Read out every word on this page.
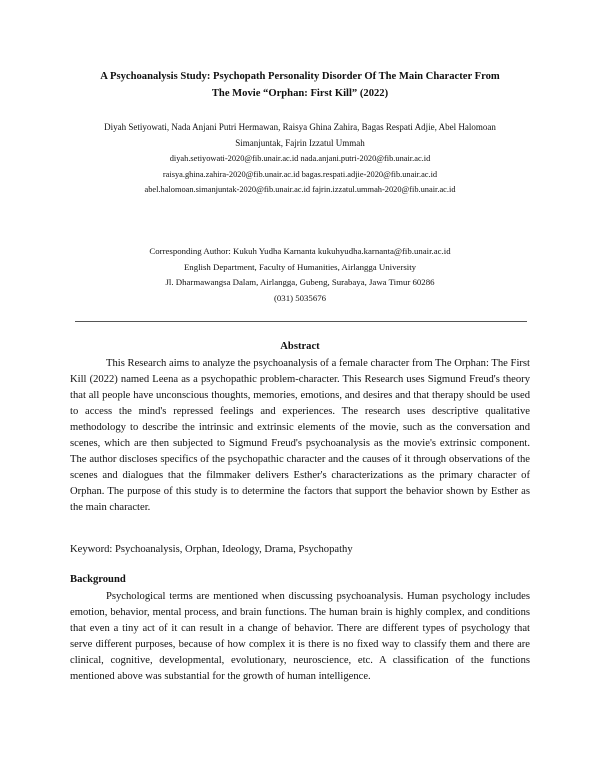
A Psychoanalysis Study: Psychopath Personality Disorder Of The Main Character From
The Movie “Orphan: First Kill” (2022)
Diyah Setiyowati, Nada Anjani Putri Hermawan, Raisya Ghina Zahira, Bagas Respati Adjie, Abel Halomoan
Simanjuntak, Fajrin Izzatul Ummah
diyah.setiyowati-2020@fib.unair.ac.id nada.anjani.putri-2020@fib.unair.ac.id
raisya.ghina.zahira-2020@fib.unair.ac.id bagas.respati.adjie-2020@fib.unair.ac.id
abel.halomoan.simanjuntak-2020@fib.unair.ac.id fajrin.izzatul.ummah-2020@fib.unair.ac.id
Corresponding Author: Kukuh Yudha Karnanta kukuhyudha.karnanta@fib.unair.ac.id
English Department, Faculty of Humanities, Airlangga University
Jl. Dharmawangsa Dalam, Airlangga, Gubeng, Surabaya, Jawa Timur 60286
(031) 5035676
Abstract

This Research aims to analyze the psychoanalysis of a female character from The Orphan: The First Kill (2022) named Leena as a psychopathic problem-character. This Research uses Sigmund Freud's theory that all people have unconscious thoughts, memories, emotions, and desires and that therapy should be used to access the mind's repressed feelings and experiences. The research uses descriptive qualitative methodology to describe the intrinsic and extrinsic elements of the movie, such as the conversation and scenes, which are then subjected to Sigmund Freud's psychoanalysis as the movie's extrinsic component. The author discloses specifics of the psychopathic character and the causes of it through observations of the scenes and dialogues that the filmmaker delivers Esther's characterizations as the primary character of Orphan. The purpose of this study is to determine the factors that support the behavior shown by Esther as the main character.

Keyword: Psychoanalysis, Orphan, Ideology, Drama, Psychopathy
Background

Psychological terms are mentioned when discussing psychoanalysis. Human psychology includes emotion, behavior, mental process, and brain functions. The human brain is highly complex, and conditions that even a tiny act of it can result in a change of behavior. There are different types of psychology that serve different purposes, because of how complex it is there is no fixed way to classify them and there are clinical, cognitive, developmental, evolutionary, neuroscience, etc. A classification of the functions mentioned above was substantial for the growth of human intelligence.
